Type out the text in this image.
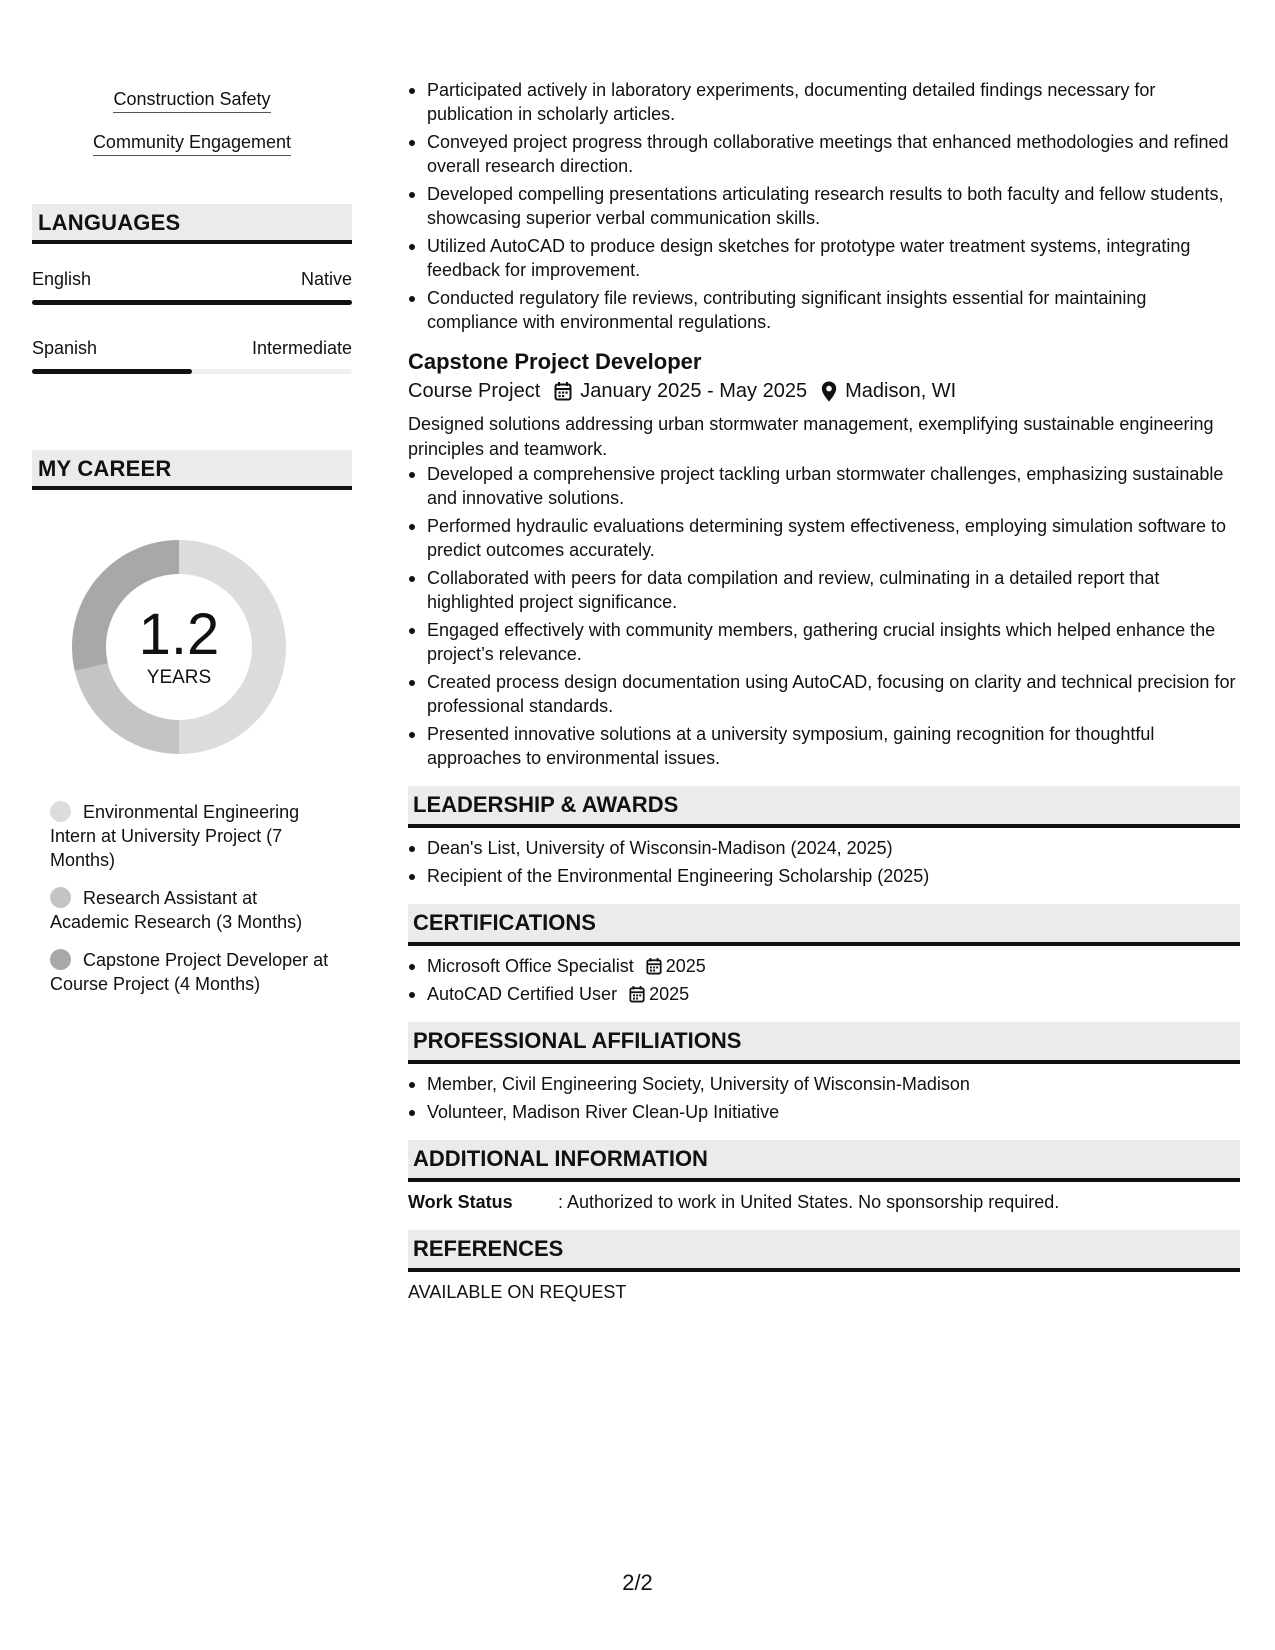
Construction Safety
Community Engagement
LANGUAGES
English	Native
Spanish	Intermediate
MY CAREER
1.2
YEARS
Environmental Engineering Intern at University Project (7 Months)
Research Assistant at Academic Research (3 Months)
Capstone Project Developer at Course Project (4 Months)
Participated actively in laboratory experiments, documenting detailed findings necessary for publication in scholarly articles.
Conveyed project progress through collaborative meetings that enhanced methodologies and refined overall research direction.
Developed compelling presentations articulating research results to both faculty and fellow students, showcasing superior verbal communication skills.
Utilized AutoCAD to produce design sketches for prototype water treatment systems, integrating feedback for improvement.
Conducted regulatory file reviews, contributing significant insights essential for maintaining compliance with environmental regulations.
Capstone Project Developer
Course Project January 2025 - May 2025 Madison, WI
Designed solutions addressing urban stormwater management, exemplifying sustainable engineering principles and teamwork.
Developed a comprehensive project tackling urban stormwater challenges, emphasizing sustainable and innovative solutions.
Performed hydraulic evaluations determining system effectiveness, employing simulation software to predict outcomes accurately.
Collaborated with peers for data compilation and review, culminating in a detailed report that highlighted project significance.
Engaged effectively with community members, gathering crucial insights which helped enhance the project’s relevance.
Created process design documentation using AutoCAD, focusing on clarity and technical precision for professional standards.
Presented innovative solutions at a university symposium, gaining recognition for thoughtful approaches to environmental issues.
LEADERSHIP & AWARDS
Dean's List, University of Wisconsin-Madison (2024, 2025)
Recipient of the Environmental Engineering Scholarship (2025)
CERTIFICATIONS
Microsoft Office Specialist 2025
AutoCAD Certified User 2025
PROFESSIONAL AFFILIATIONS
Member, Civil Engineering Society, University of Wisconsin-Madison
Volunteer, Madison River Clean-Up Initiative
ADDITIONAL INFORMATION
Work Status	: Authorized to work in United States. No sponsorship required.
REFERENCES
AVAILABLE ON REQUEST
2/2
